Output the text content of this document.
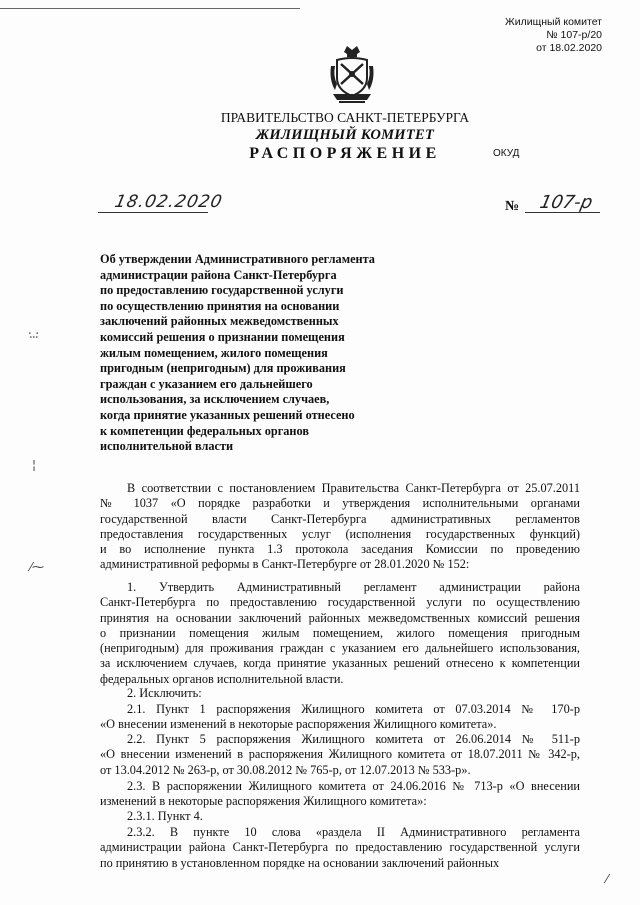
Жилищный комитет
№ 107-р/20
от 18.02.2020
ПРАВИТЕЛЬСТВО САНКТ-ПЕТЕРБУРГА
ЖИЛИЩНЫЙ КОМИТЕТ
РАСПОРЯЖЕНИЕ	ОКУД
18.02.2020	№ 107-р
⁝⁚
¦
⁄⁓
⁄
Об утверждении Административного регламента
администрации района Санкт-Петербурга
по предоставлению государственной услуги
по осуществлению принятия на основании
заключений районных межведомственных
комиссий решения о признании помещения
жилым помещением, жилого помещения
пригодным (непригодным) для проживания
граждан с указанием его дальнейшего
использования, за исключением случаев,
когда принятие указанных решений отнесено
к компетенции федеральных органов
исполнительной власти
В соответствии с постановлением Правительства Санкт-Петербурга от 25.07.2011
№ 1037 «О порядке разработки и утверждения исполнительными органами
государственной власти Санкт-Петербурга административных регламентов
предоставления государственных услуг (исполнения государственных функций)
и во исполнение пункта 1.3 протокола заседания Комиссии по проведению
административной реформы в Санкт-Петербурге от 28.01.2020 № 152:
1. Утвердить Административный регламент администрации района
Санкт-Петербурга по предоставлению государственной услуги по осуществлению
принятия на основании заключений районных межведомственных комиссий решения
о признании помещения жилым помещением, жилого помещения пригодным
(непригодным) для проживания граждан с указанием его дальнейшего использования,
за исключением случаев, когда принятие указанных решений отнесено к компетенции
федеральных органов исполнительной власти.
2. Исключить:
2.1. Пункт 1 распоряжения Жилищного комитета от 07.03.2014 № 170-р
«О внесении изменений в некоторые распоряжения Жилищного комитета».
2.2. Пункт 5 распоряжения Жилищного комитета от 26.06.2014 № 511-р
«О внесении изменений в распоряжения Жилищного комитета от 18.07.2011 № 342-р,
от 13.04.2012 № 263-р, от 30.08.2012 № 765-р, от 12.07.2013 № 533-р».
2.3. В распоряжении Жилищного комитета от 24.06.2016 № 713-р «О внесении
изменений в некоторые распоряжения Жилищного комитета»:
2.3.1. Пункт 4.
2.3.2. В пункте 10 слова «раздела II Административного регламента
администрации района Санкт-Петербурга по предоставлению государственной услуги
по принятию в установленном порядке на основании заключений районных
